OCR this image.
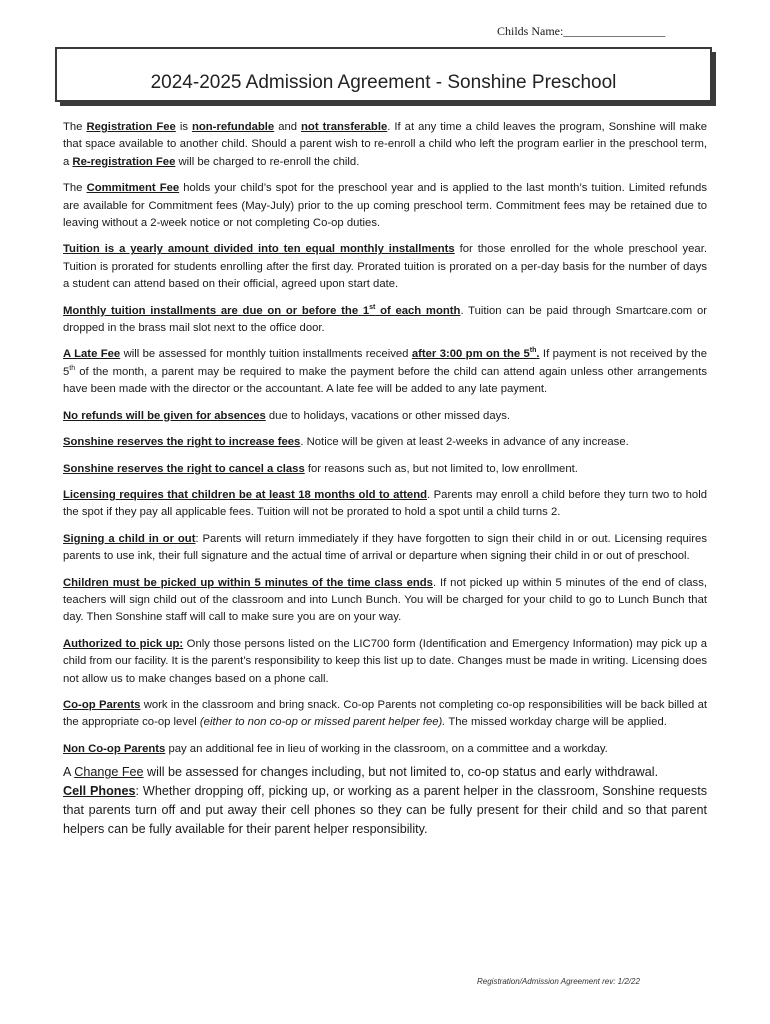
Childs Name:_________________
2024-2025 Admission Agreement - Sonshine Preschool

The Registration Fee is non-refundable and not transferable. If at any time a child leaves the program, Sonshine will make that space available to another child. Should a parent wish to re-enroll a child who left the program earlier in the preschool term, a Re-registration Fee will be charged to re-enroll the child.

The Commitment Fee holds your child’s spot for the preschool year and is applied to the last month’s tuition. Limited refunds are available for Commitment fees (May-July) prior to the up coming preschool term. Commitment fees may be retained due to leaving without a 2-week notice or not completing Co-op duties.

Tuition is a yearly amount divided into ten equal monthly installments for those enrolled for the whole preschool year. Tuition is prorated for students enrolling after the first day. Prorated tuition is prorated on a per-day basis for the number of days a student can attend based on their official, agreed upon start date.

Monthly tuition installments are due on or before the 1st of each month. Tuition can be paid through Smartcare.com or dropped in the brass mail slot next to the office door.

A Late Fee will be assessed for monthly tuition installments received after 3:00 pm on the 5th. If payment is not received by the 5th of the month, a parent may be required to make the payment before the child can attend again unless other arrangements have been made with the director or the accountant. A late fee will be added to any late payment.

No refunds will be given for absences due to holidays, vacations or other missed days.

Sonshine reserves the right to increase fees. Notice will be given at least 2-weeks in advance of any increase.

Sonshine reserves the right to cancel a class for reasons such as, but not limited to, low enrollment.

Licensing requires that children be at least 18 months old to attend. Parents may enroll a child before they turn two to hold the spot if they pay all applicable fees. Tuition will not be prorated to hold a spot until a child turns 2.

Signing a child in or out: Parents will return immediately if they have forgotten to sign their child in or out. Licensing requires parents to use ink, their full signature and the actual time of arrival or departure when signing their child in or out of preschool.

Children must be picked up within 5 minutes of the time class ends. If not picked up within 5 minutes of the end of class, teachers will sign child out of the classroom and into Lunch Bunch. You will be charged for your child to go to Lunch Bunch that day. Then Sonshine staff will call to make sure you are on your way.

Authorized to pick up: Only those persons listed on the LIC700 form (Identification and Emergency Information) may pick up a child from our facility. It is the parent’s responsibility to keep this list up to date. Changes must be made in writing. Licensing does not allow us to make changes based on a phone call.

Co-op Parents work in the classroom and bring snack. Co-op Parents not completing co-op responsibilities will be back billed at the appropriate co-op level (either to non co-op or missed parent helper fee). The missed workday charge will be applied.

Non Co-op Parents pay an additional fee in lieu of working in the classroom, on a committee and a workday.

A Change Fee will be assessed for changes including, but not limited to, co-op status and early withdrawal.

Cell Phones: Whether dropping off, picking up, or working as a parent helper in the classroom, Sonshine requests that parents turn off and put away their cell phones so they can be fully present for their child and so that parent helpers can be fully available for their parent helper responsibility.

Registration/Admission Agreement rev: 1/2/22
